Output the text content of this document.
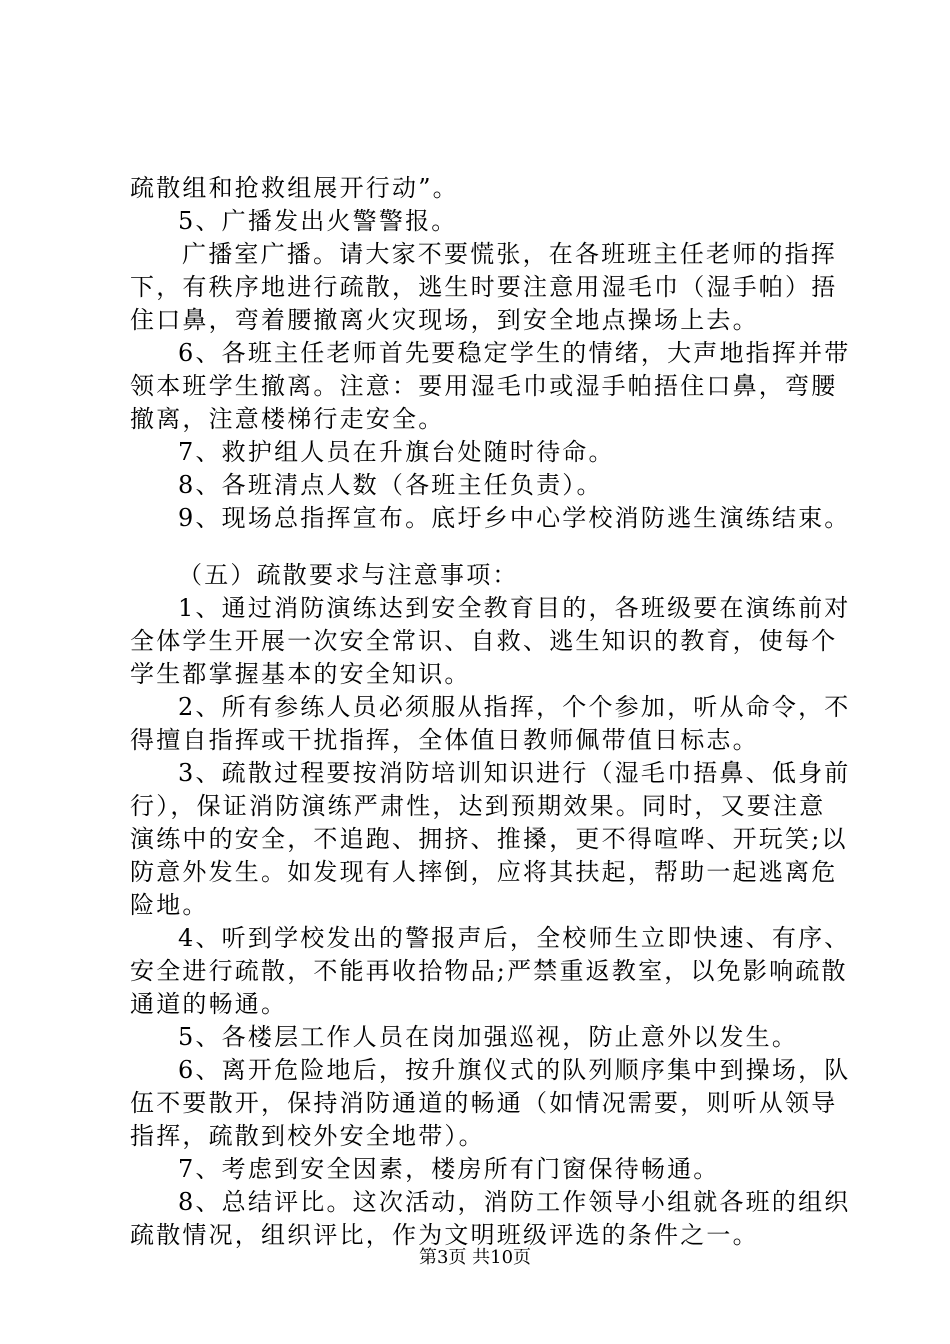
疏散组和抢救组展开行动”。
5、广播发出火警警报。
广播室广播。请大家不要慌张，在各班班主任老师的指挥
下，有秩序地进行疏散，逃生时要注意用湿毛巾（湿手帕）捂
住口鼻，弯着腰撤离火灾现场，到安全地点操场上去。
6、各班主任老师首先要稳定学生的情绪，大声地指挥并带
领本班学生撤离。注意：要用湿毛巾或湿手帕捂住口鼻，弯腰
撤离，注意楼梯行走安全。
7、救护组人员在升旗台处随时待命。
8、各班清点人数（各班主任负责）。
9、现场总指挥宣布。底圩乡中心学校消防逃生演练结束。
（五）疏散要求与注意事项：
1、通过消防演练达到安全教育目的，各班级要在演练前对
全体学生开展一次安全常识、自救、逃生知识的教育，使每个
学生都掌握基本的安全知识。
2、所有参练人员必须服从指挥，个个参加，听从命令，不
得擅自指挥或干扰指挥，全体值日教师佩带值日标志。
3、疏散过程要按消防培训知识进行（湿毛巾捂鼻、低身前
行），保证消防演练严肃性，达到预期效果。同时，又要注意
演练中的安全，不追跑、拥挤、推搡，更不得喧哗、开玩笑;以
防意外发生。如发现有人摔倒，应将其扶起，帮助一起逃离危
险地。
4、听到学校发出的警报声后，全校师生立即快速、有序、
安全进行疏散，不能再收拾物品;严禁重返教室，以免影响疏散
通道的畅通。
5、各楼层工作人员在岗加强巡视，防止意外以发生。
6、离开危险地后，按升旗仪式的队列顺序集中到操场，队
伍不要散开，保持消防通道的畅通（如情况需要，则听从领导
指挥，疏散到校外安全地带）。
7、考虑到安全因素，楼房所有门窗保待畅通。
8、总结评比。这次活动，消防工作领导小组就各班的组织
疏散情况，组织评比，作为文明班级评选的条件之一。
第3页 共10页
